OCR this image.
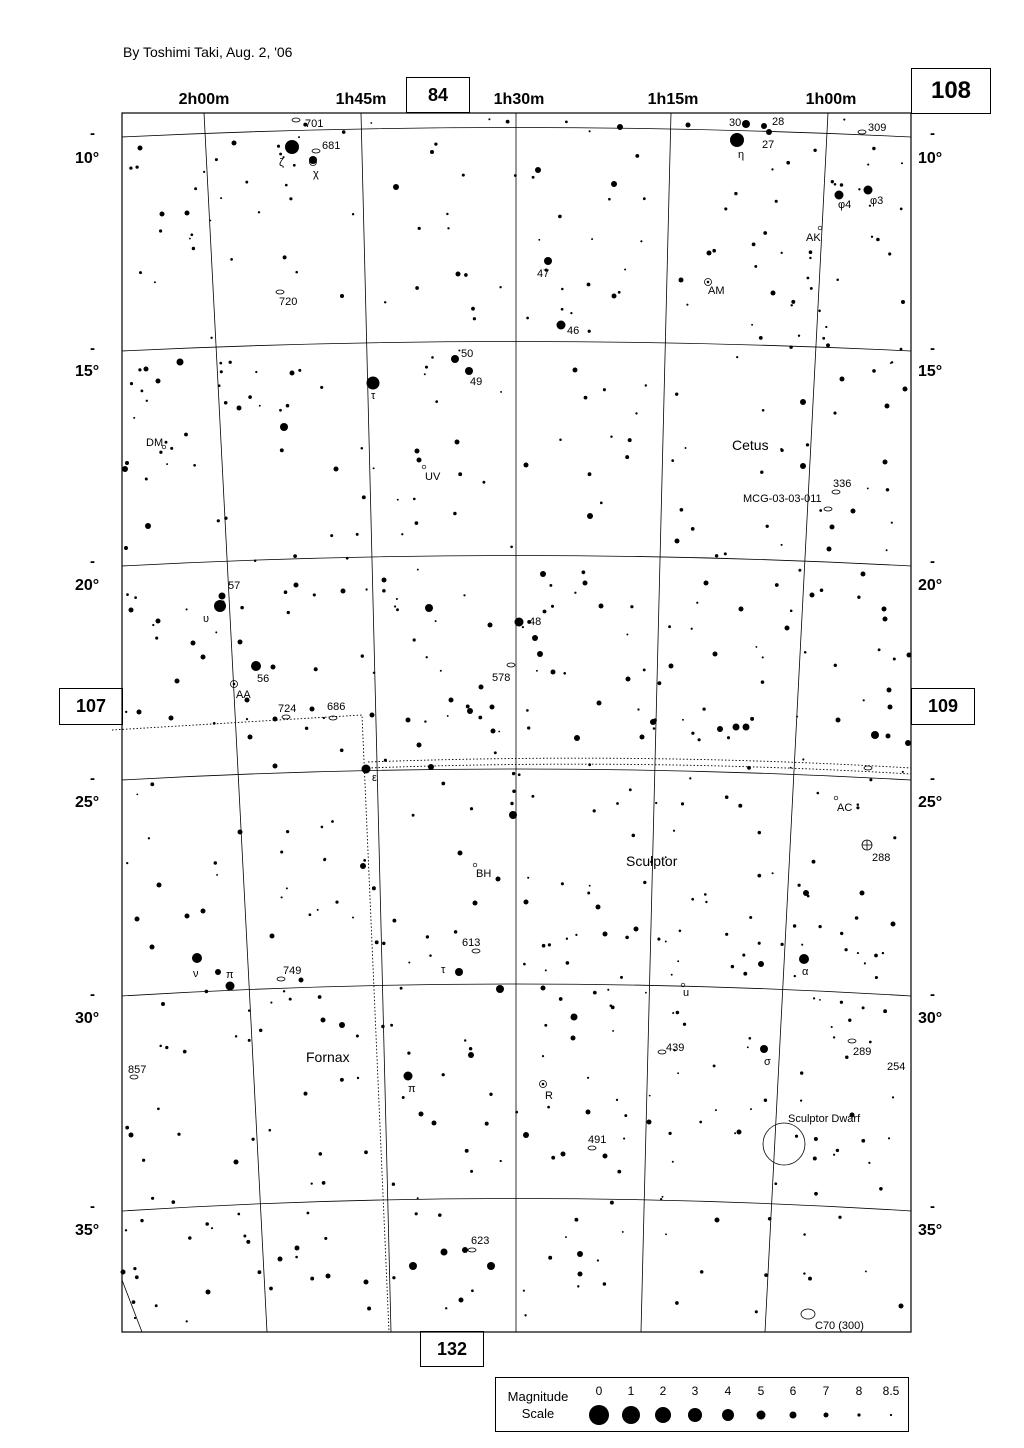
By Toshimi Taki, Aug. 2, '06
108
84
132
107	109
2h00m	1h45m	1h30m	1h15m	1h00m
10°
15°
20°
25°
30°
35°
10°
15°
20°
25°
30°
35°
-
-
-
-
-
-
-
-
-
-
-
-
701
681
ζ
χ
30	28
27
η
309
φ4 φ3
AK
720
47
AM
46
50
49
τ
DM
UV
336
MCG-03-03-011
57
υ	48
56
AA
578
724	686
ε
AC
288
BH
613
τ
ν	π	749	α
u
439	289
254
σ
857
π
R
491
Sculptor Dwarf
623
C70 (300)
Cetus
Sculptor
Fornax
Magnitude
Scale
0 1 2 3 4 5 6 7 8 8.5
